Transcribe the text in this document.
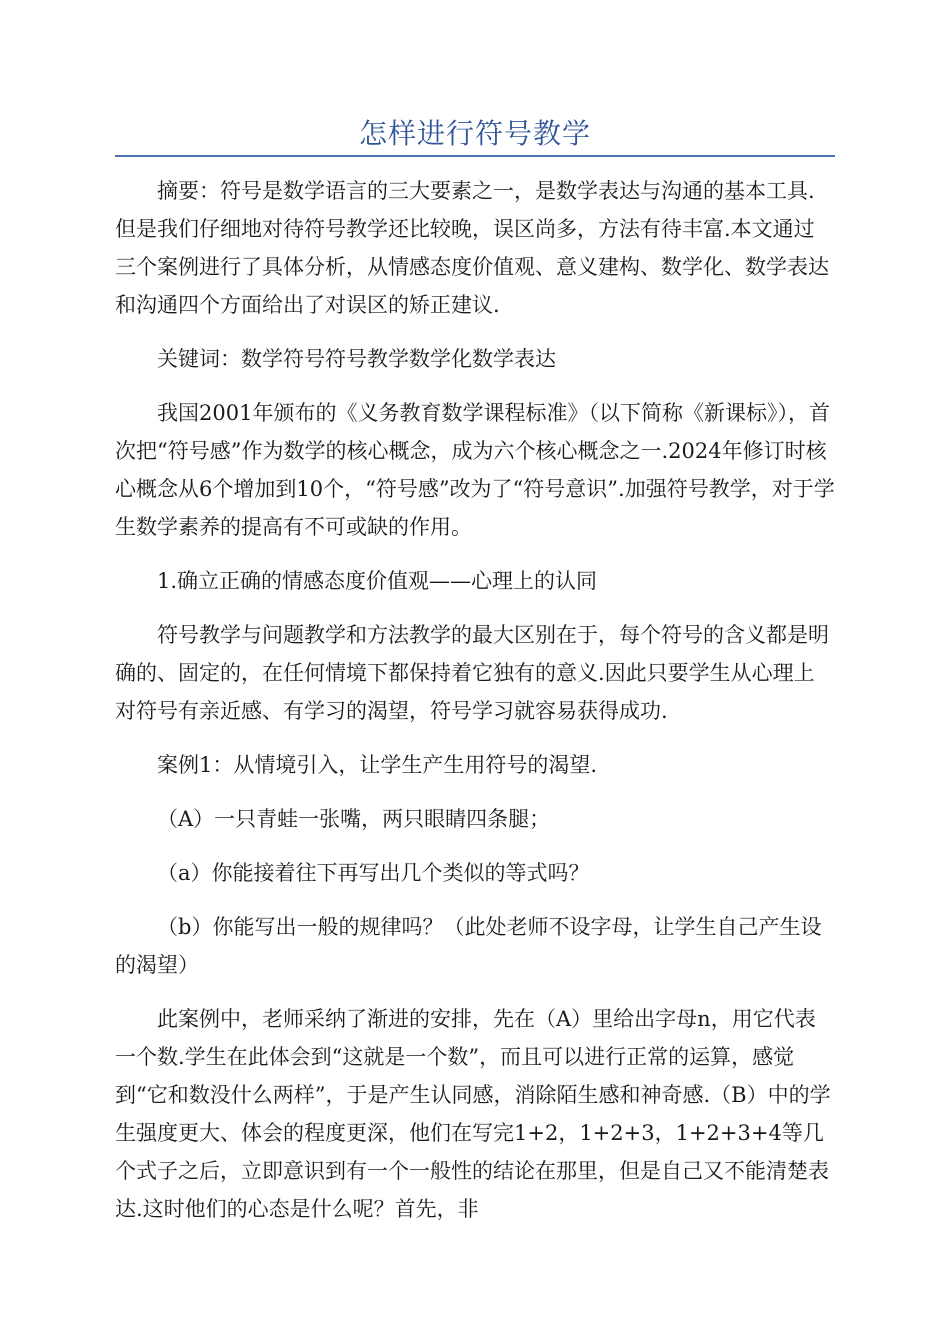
怎样进行符号教学

摘要：符号是数学语言的三大要素之一，是数学表达与沟通的基本工具.但是我们仔细地对待符号教学还比较晚，误区尚多，方法有待丰富.本文通过三个案例进行了具体分析，从情感态度价值观、意义建构、数学化、数学表达和沟通四个方面给出了对误区的矫正建议.

关键词：数学符号符号教学数学化数学表达

我国2001年颁布的《义务教育数学课程标准》（以下简称《新课标》），首次把“符号感”作为数学的核心概念，成为六个核心概念之一.2024年修订时核心概念从6个增加到10个，“符号感”改为了“符号意识”.加强符号教学，对于学生数学素养的提高有不可或缺的作用。

1.确立正确的情感态度价值观——心理上的认同

符号教学与问题教学和方法教学的最大区别在于，每个符号的含义都是明确的、固定的，在任何情境下都保持着它独有的意义.因此只要学生从心理上对符号有亲近感、有学习的渴望，符号学习就容易获得成功.

案例1：从情境引入，让学生产生用符号的渴望.

（A）一只青蛙一张嘴，两只眼睛四条腿；

（a）你能接着往下再写出几个类似的等式吗？

（b）你能写出一般的规律吗？（此处老师不设字母，让学生自己产生设的渴望）

此案例中，老师采纳了渐进的安排，先在（A）里给出字母n，用它代表一个数.学生在此体会到“这就是一个数”，而且可以进行正常的运算，感觉到“它和数没什么两样”，于是产生认同感，消除陌生感和神奇感.（B）中的学生强度更大、体会的程度更深，他们在写完1+2，1+2+3，1+2+3+4等几个式子之后，立即意识到有一个一般性的结论在那里，但是自己又不能清楚表达.这时他们的心态是什么呢？首先，非
